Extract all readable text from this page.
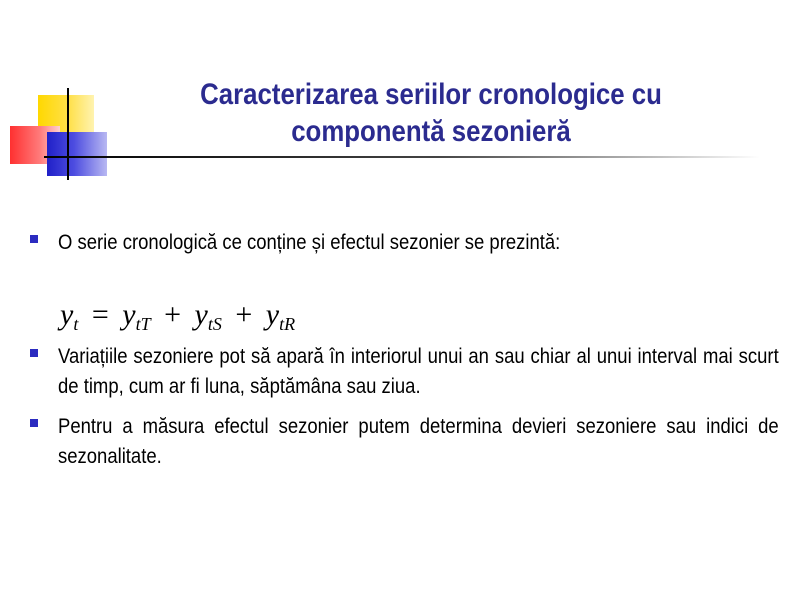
Caracterizarea seriilor cronologice cu
componentă sezonieră
O serie cronologică ce conține și efectul sezonier se prezintă:
$y_t = y_{tT} + y_{tS} + y_{tR}$
Variațiile sezoniere pot să apară în interiorul unui an sau chiar al unui interval mai scurt de timp, cum ar fi luna, săptămâna sau ziua.
Pentru a măsura efectul sezonier putem determina devieri sezoniere sau indici de sezonalitate.
